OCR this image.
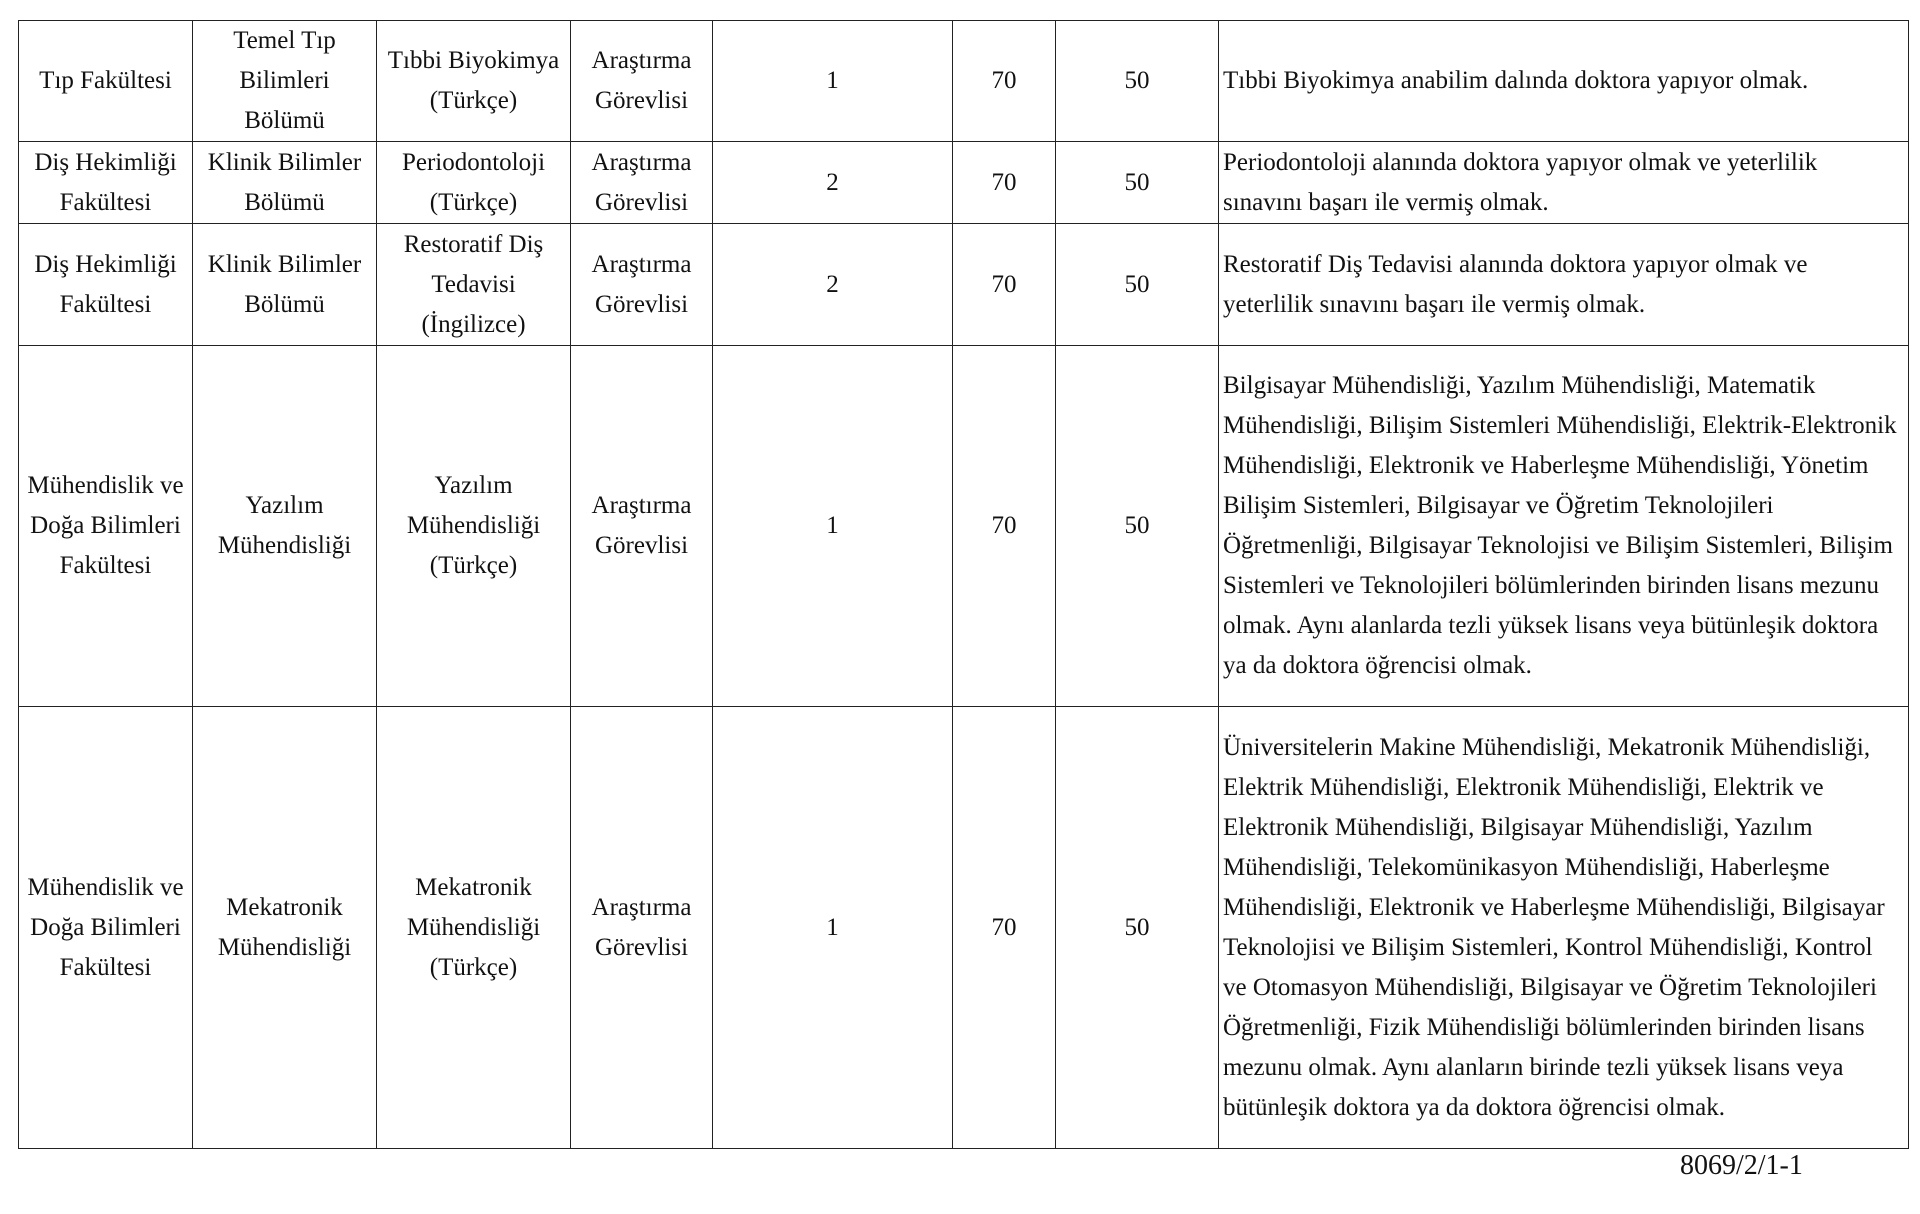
Tıp Fakültesi	Temel Tıp Bilimleri Bölümü	Tıbbi Biyokimya (Türkçe)	Araştırma Görevlisi	1	70	50	Tıbbi Biyokimya anabilim dalında doktora yapıyor olmak.
Diş Hekimliği Fakültesi	Klinik Bilimler Bölümü	Periodontoloji (Türkçe)	Araştırma Görevlisi	2	70	50	Periodontoloji alanında doktora yapıyor olmak ve yeterlilik sınavını başarı ile vermiş olmak.
Diş Hekimliği Fakültesi	Klinik Bilimler Bölümü	Restoratif Diş Tedavisi (İngilizce)	Araştırma Görevlisi	2	70	50	Restoratif Diş Tedavisi alanında doktora yapıyor olmak ve yeterlilik sınavını başarı ile vermiş olmak.
Mühendislik ve Doğa Bilimleri Fakültesi	Yazılım Mühendisliği	Yazılım Mühendisliği (Türkçe)	Araştırma Görevlisi	1	70	50	Bilgisayar Mühendisliği, Yazılım Mühendisliği, Matematik Mühendisliği, Bilişim Sistemleri Mühendisliği, Elektrik-Elektronik Mühendisliği, Elektronik ve Haberleşme Mühendisliği, Yönetim Bilişim Sistemleri, Bilgisayar ve Öğretim Teknolojileri Öğretmenliği, Bilgisayar Teknolojisi ve Bilişim Sistemleri, Bilişim Sistemleri ve Teknolojileri bölümlerinden birinden lisans mezunu olmak. Aynı alanlarda tezli yüksek lisans veya bütünleşik doktora ya da doktora öğrencisi olmak.
Mühendislik ve Doğa Bilimleri Fakültesi	Mekatronik Mühendisliği	Mekatronik Mühendisliği (Türkçe)	Araştırma Görevlisi	1	70	50	Üniversitelerin Makine Mühendisliği, Mekatronik Mühendisliği, Elektrik Mühendisliği, Elektronik Mühendisliği, Elektrik ve Elektronik Mühendisliği, Bilgisayar Mühendisliği, Yazılım Mühendisliği, Telekomünikasyon Mühendisliği, Haberleşme Mühendisliği, Elektronik ve Haberleşme Mühendisliği, Bilgisayar Teknolojisi ve Bilişim Sistemleri, Kontrol Mühendisliği, Kontrol ve Otomasyon Mühendisliği, Bilgisayar ve Öğretim Teknolojileri Öğretmenliği, Fizik Mühendisliği bölümlerinden birinden lisans mezunu olmak. Aynı alanların birinde tezli yüksek lisans veya bütünleşik doktora ya da doktora öğrencisi olmak.
8069/2/1-1
